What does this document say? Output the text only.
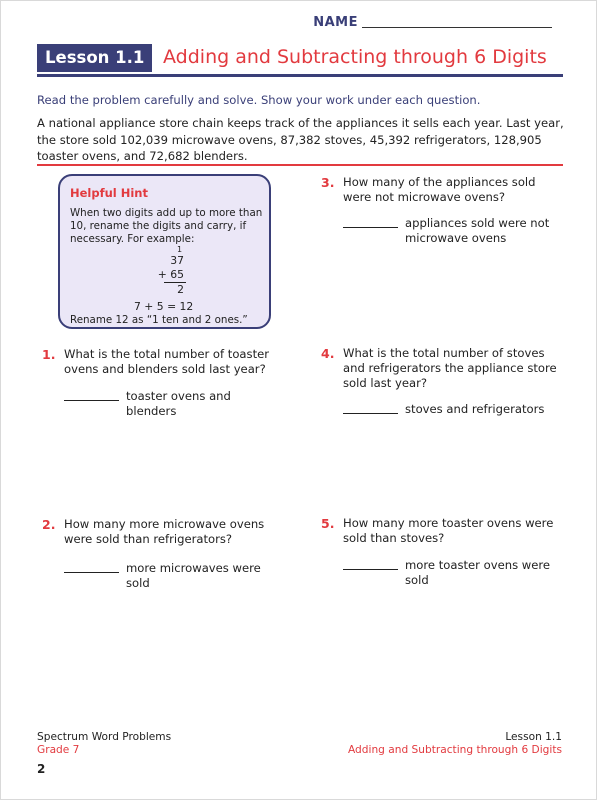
NAME
Lesson 1.1 Adding and Subtracting through 6 Digits
Read the problem carefully and solve. Show your work under each question.
A national appliance store chain keeps track of the appliances it sells each year. Last year, the store sold 102,039 microwave ovens, 87,382 stoves, 45,392 refrigerators, 128,905 toaster ovens, and 72,682 blenders.
Helpful Hint
When two digits add up to more than 10, rename the digits and carry, if necessary. For example:
1
37
+ 65
2
7 + 5 = 12
Rename 12 as “1 ten and 2 ones.”
1. What is the total number of toaster ovens and blenders sold last year?
toaster ovens and blenders
2. How many more microwave ovens were sold than refrigerators?
more microwaves were sold
3. How many of the appliances sold were not microwave ovens?
appliances sold were not microwave ovens
4. What is the total number of stoves and refrigerators the appliance store sold last year?
stoves and refrigerators
5. How many more toaster ovens were sold than stoves?
more toaster ovens were sold
Spectrum Word Problems
Grade 7
2
Lesson 1.1
Adding and Subtracting through 6 Digits
